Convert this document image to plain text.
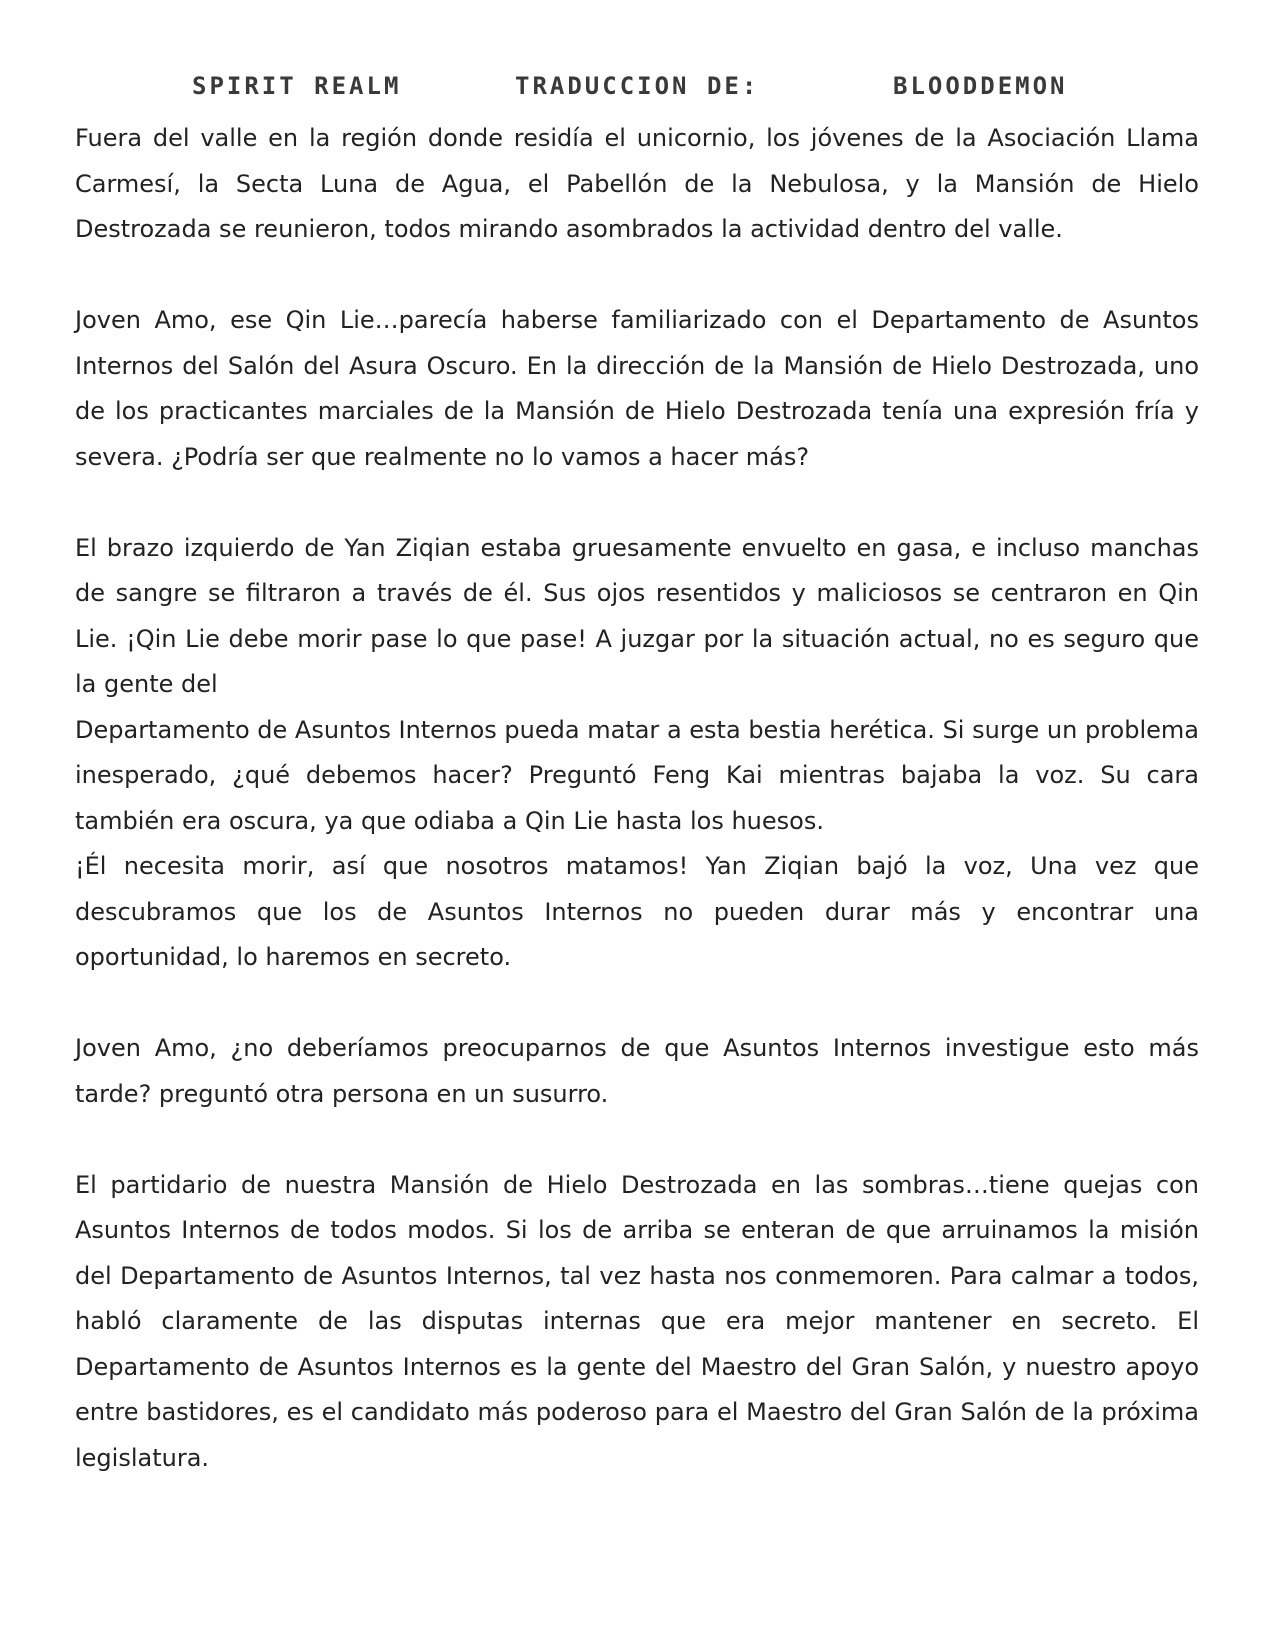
SPIRIT REALM	TRADUCCION DE:	BLOODDEMON

Fuera del valle en la región donde residía el unicornio, los jóvenes de la Asociación Llama Carmesí, la Secta Luna de Agua, el Pabellón de la Nebulosa, y la Mansión de Hielo Destrozada se reunieron, todos mirando asombrados la actividad dentro del valle.

Joven Amo, ese Qin Lie…parecía haberse familiarizado con el Departamento de Asuntos Internos del Salón del Asura Oscuro. En la dirección de la Mansión de Hielo Destrozada, uno de los practicantes marciales de la Mansión de Hielo Destrozada tenía una expresión fría y severa. ¿Podría ser que realmente no lo vamos a hacer más?

El brazo izquierdo de Yan Ziqian estaba gruesamente envuelto en gasa, e incluso manchas de sangre se filtraron a través de él. Sus ojos resentidos y maliciosos se centraron en Qin Lie. ¡Qin Lie debe morir pase lo que pase! A juzgar por la situación actual, no es seguro que la gente del

Departamento de Asuntos Internos pueda matar a esta bestia herética. Si surge un problema inesperado, ¿qué debemos hacer? Preguntó Feng Kai mientras bajaba la voz. Su cara también era oscura, ya que odiaba a Qin Lie hasta los huesos.

¡Él necesita morir, así que nosotros matamos! Yan Ziqian bajó la voz, Una vez que descubramos que los de Asuntos Internos no pueden durar más y encontrar una oportunidad, lo haremos en secreto.

Joven Amo, ¿no deberíamos preocuparnos de que Asuntos Internos investigue esto más tarde? preguntó otra persona en un susurro.

El partidario de nuestra Mansión de Hielo Destrozada en las sombras…tiene quejas con Asuntos Internos de todos modos. Si los de arriba se enteran de que arruinamos la misión del Departamento de Asuntos Internos, tal vez hasta nos conmemoren. Para calmar a todos, habló claramente de las disputas internas que era mejor mantener en secreto. El Departamento de Asuntos Internos es la gente del Maestro del Gran Salón, y nuestro apoyo entre bastidores, es el candidato más poderoso para el Maestro del Gran Salón de la próxima legislatura.
